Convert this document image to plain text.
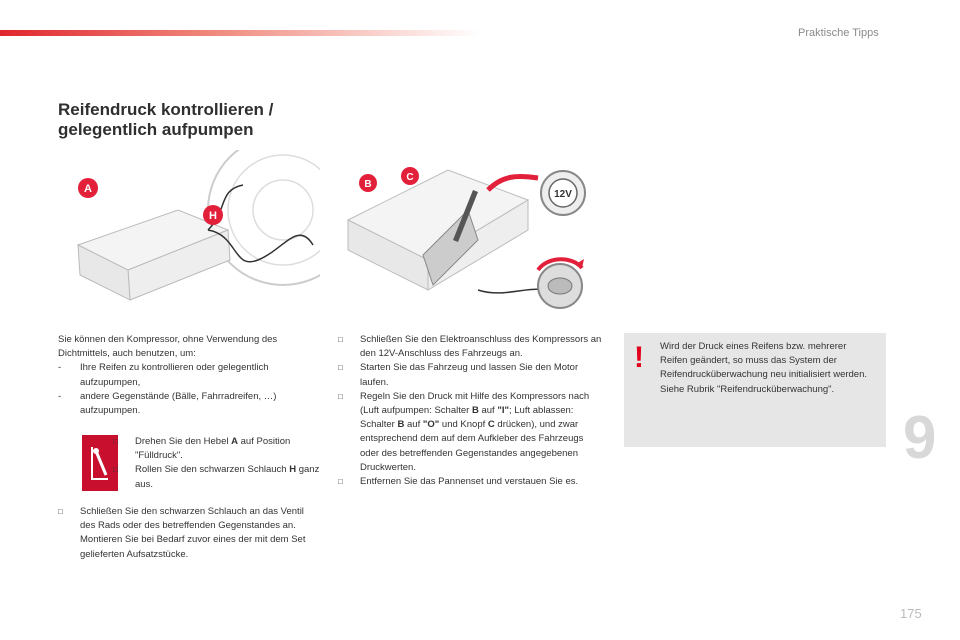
Praktische Tipps
Reifendruck kontrollieren /
gelegentlich aufpumpen
A
H
B
C
12V

Sie können den Kompressor, ohne Verwendung des Dichtmittels, auch benutzen, um:

-	Ihre Reifen zu kontrollieren oder gelegentlich aufzupumpen,
-	andere Gegenstände (Bälle, Fahrradreifen, …) aufzupumpen.
□	Drehen Sie den Hebel A auf Position "Fülldruck".
□	Rollen Sie den schwarzen Schlauch H ganz aus.
□	Schließen Sie den schwarzen Schlauch an das Ventil des Rads oder des betreffenden Gegenstandes an.
Montieren Sie bei Bedarf zuvor eines der mit dem Set gelieferten Aufsatzstücke.
□	Schließen Sie den Elektroanschluss des Kompressors an den 12V-Anschluss des Fahrzeugs an.
□	Starten Sie das Fahrzeug und lassen Sie den Motor laufen.
□	Regeln Sie den Druck mit Hilfe des Kompressors nach (Luft aufpumpen: Schalter B auf "I"; Luft ablassen: Schalter B auf "O" und Knopf C drücken), und zwar entsprechend dem auf dem Aufkleber des Fahrzeugs oder des betreffenden Gegenstandes angegebenen Druckwerten.
□	Entfernen Sie das Pannenset und verstauen Sie es.
! Wird der Druck eines Reifens bzw. mehrerer Reifen geändert, so muss das System der Reifendrucküberwachung neu initialisiert werden.
Siehe Rubrik "Reifendrucküberwachung".
9
175
